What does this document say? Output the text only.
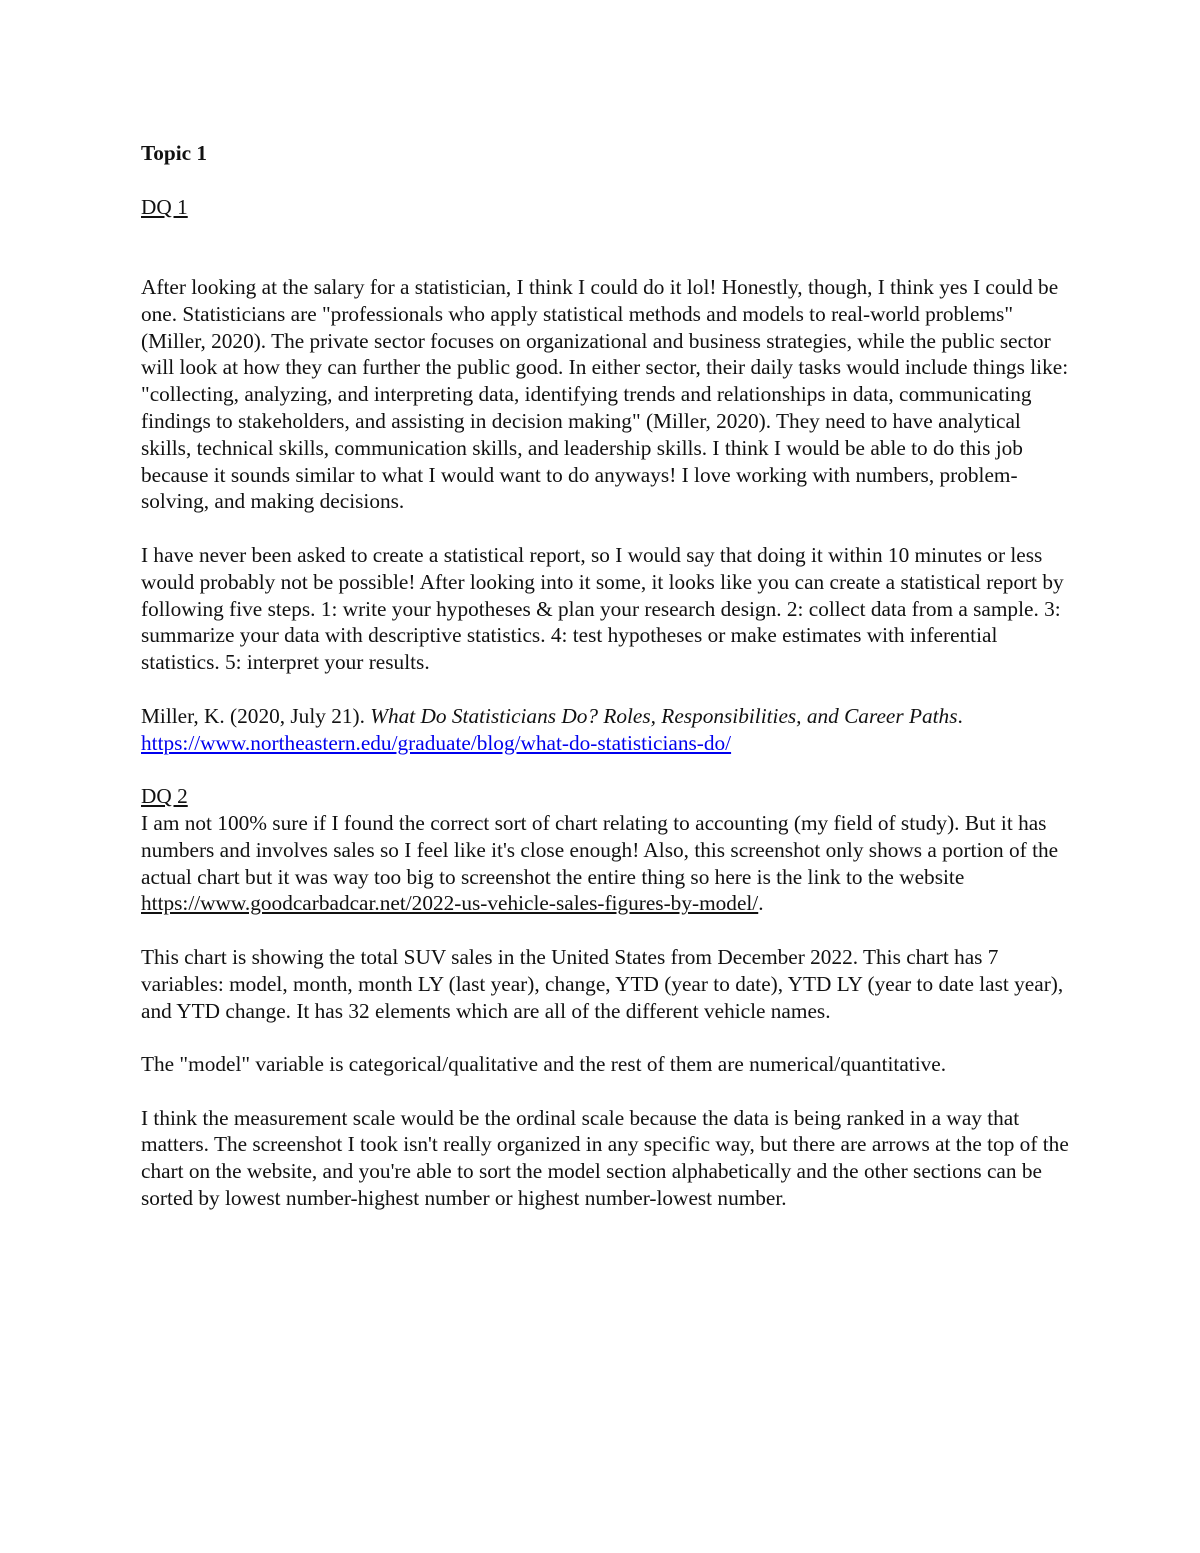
Topic 1

DQ 1

After looking at the salary for a statistician, I think I could do it lol! Honestly, though, I think yes I could be one. Statisticians are "professionals who apply statistical methods and models to real-world problems" (Miller, 2020). The private sector focuses on organizational and business strategies, while the public sector will look at how they can further the public good. In either sector, their daily tasks would include things like: "collecting, analyzing, and interpreting data, identifying trends and relationships in data, communicating findings to stakeholders, and assisting in decision making" (Miller, 2020). They need to have analytical skills, technical skills, communication skills, and leadership skills. I think I would be able to do this job because it sounds similar to what I would want to do anyways! I love working with numbers, problem-solving, and making decisions.

I have never been asked to create a statistical report, so I would say that doing it within 10 minutes or less would probably not be possible! After looking into it some, it looks like you can create a statistical report by following five steps. 1: write your hypotheses & plan your research design. 2: collect data from a sample. 3: summarize your data with descriptive statistics. 4: test hypotheses or make estimates with inferential statistics. 5: interpret your results.

Miller, K. (2020, July 21). What Do Statisticians Do? Roles, Responsibilities, and Career Paths. https://www.northeastern.edu/graduate/blog/what-do-statisticians-do/

DQ 2

I am not 100% sure if I found the correct sort of chart relating to accounting (my field of study). But it has numbers and involves sales so I feel like it's close enough! Also, this screenshot only shows a portion of the actual chart but it was way too big to screenshot the entire thing so here is the link to the website https://www.goodcarbadcar.net/2022-us-vehicle-sales-figures-by-model/.

This chart is showing the total SUV sales in the United States from December 2022. This chart has 7 variables: model, month, month LY (last year), change, YTD (year to date), YTD LY (year to date last year), and YTD change. It has 32 elements which are all of the different vehicle names.

The "model" variable is categorical/qualitative and the rest of them are numerical/quantitative.

I think the measurement scale would be the ordinal scale because the data is being ranked in a way that matters. The screenshot I took isn't really organized in any specific way, but there are arrows at the top of the chart on the website, and you're able to sort the model section alphabetically and the other sections can be sorted by lowest number-highest number or highest number-lowest number.
